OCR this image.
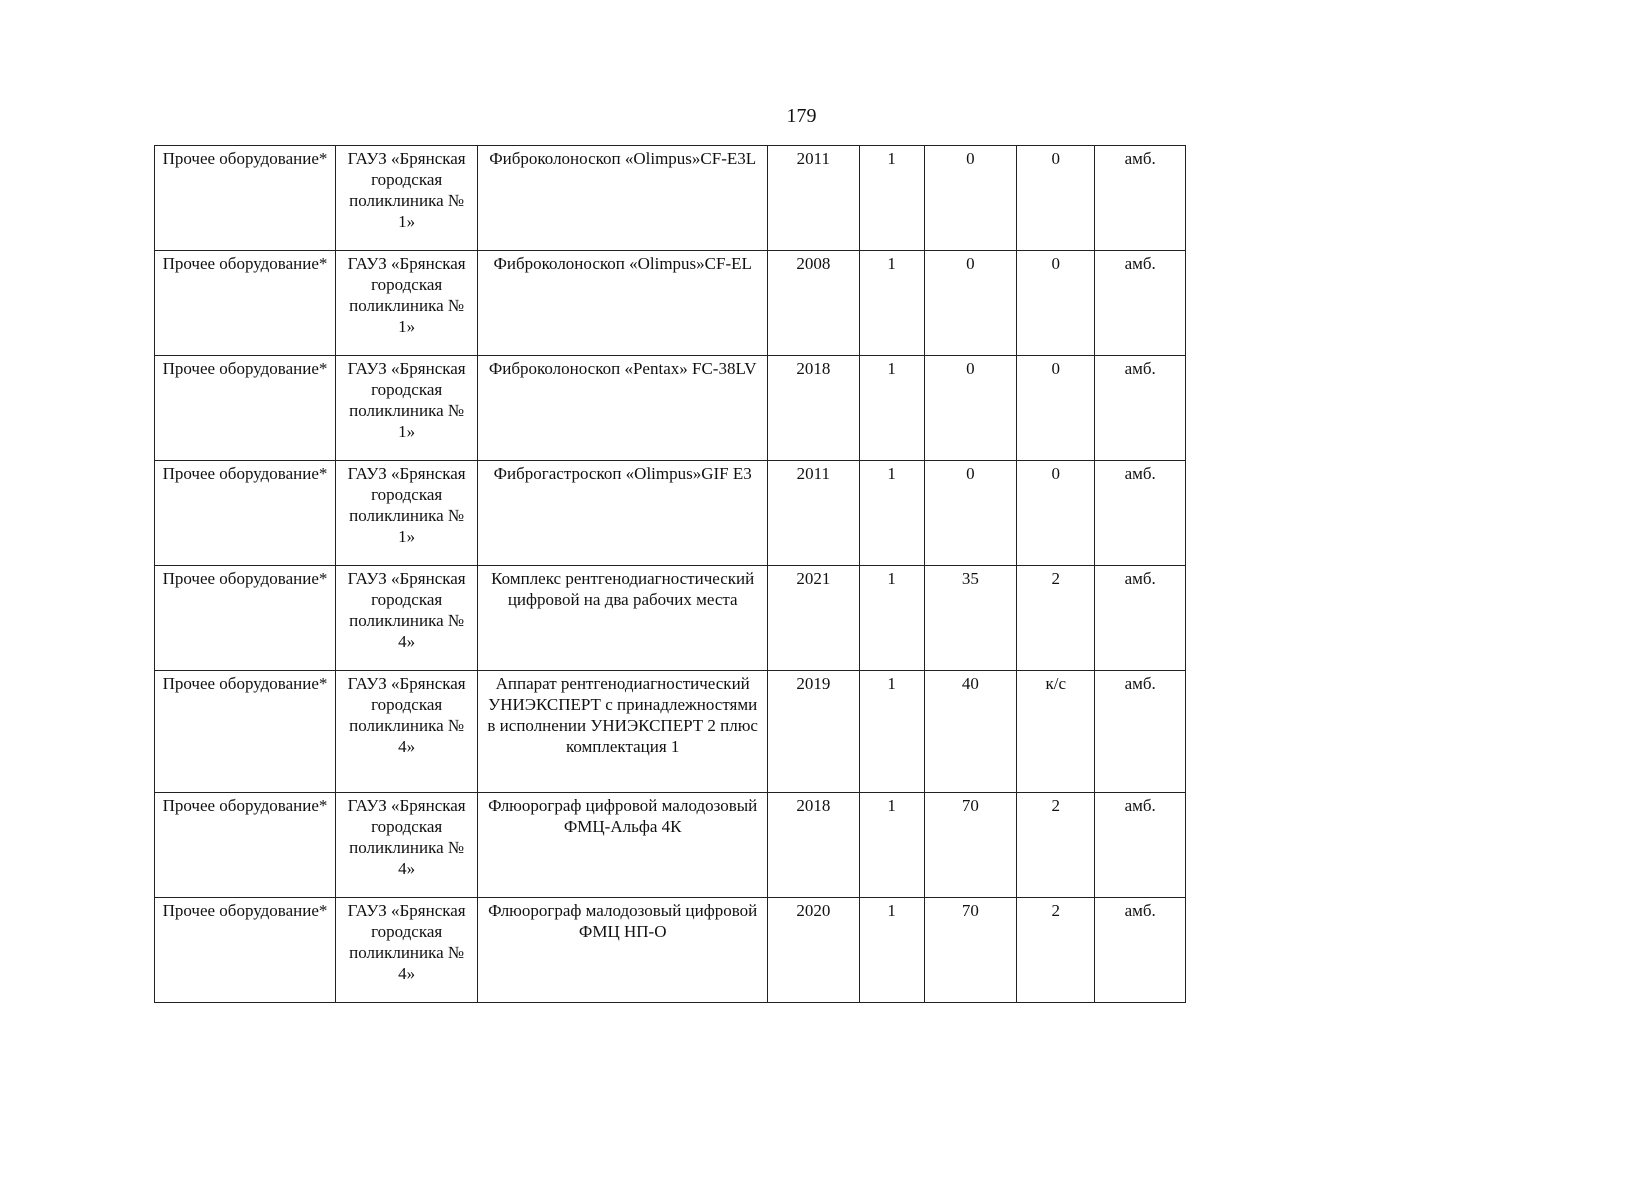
179
Прочее оборудование*	ГАУЗ «Брянская городская поликлиника № 1»	Фиброколоноскоп «Olimpus»CF-E3L	2011	1	0	0	амб.
Прочее оборудование*	ГАУЗ «Брянская городская поликлиника № 1»	Фиброколоноскоп «Olimpus»CF-EL	2008	1	0	0	амб.
Прочее оборудование*	ГАУЗ «Брянская городская поликлиника № 1»	Фиброколоноскоп «Pentax» FC-38LV	2018	1	0	0	амб.
Прочее оборудование*	ГАУЗ «Брянская городская поликлиника № 1»	Фиброгастроскоп «Olimpus»GIF E3	2011	1	0	0	амб.
Прочее оборудование*	ГАУЗ «Брянская городская поликлиника № 4»	Комплекс рентгенодиагностический цифровой на два рабочих места	2021	1	35	2	амб.
Прочее оборудование*	ГАУЗ «Брянская городская поликлиника № 4»	Аппарат рентгенодиагностический УНИЭКСПЕРТ с принадлежностями в исполнении УНИЭКСПЕРТ 2 плюс комплектация 1	2019	1	40	к/с	амб.
Прочее оборудование*	ГАУЗ «Брянская городская поликлиника № 4»	Флюорограф цифровой малодозовый ФМЦ-Альфа 4К	2018	1	70	2	амб.
Прочее оборудование*	ГАУЗ «Брянская городская поликлиника № 4»	Флюорограф малодозовый цифровой ФМЦ НП-О	2020	1	70	2	амб.
